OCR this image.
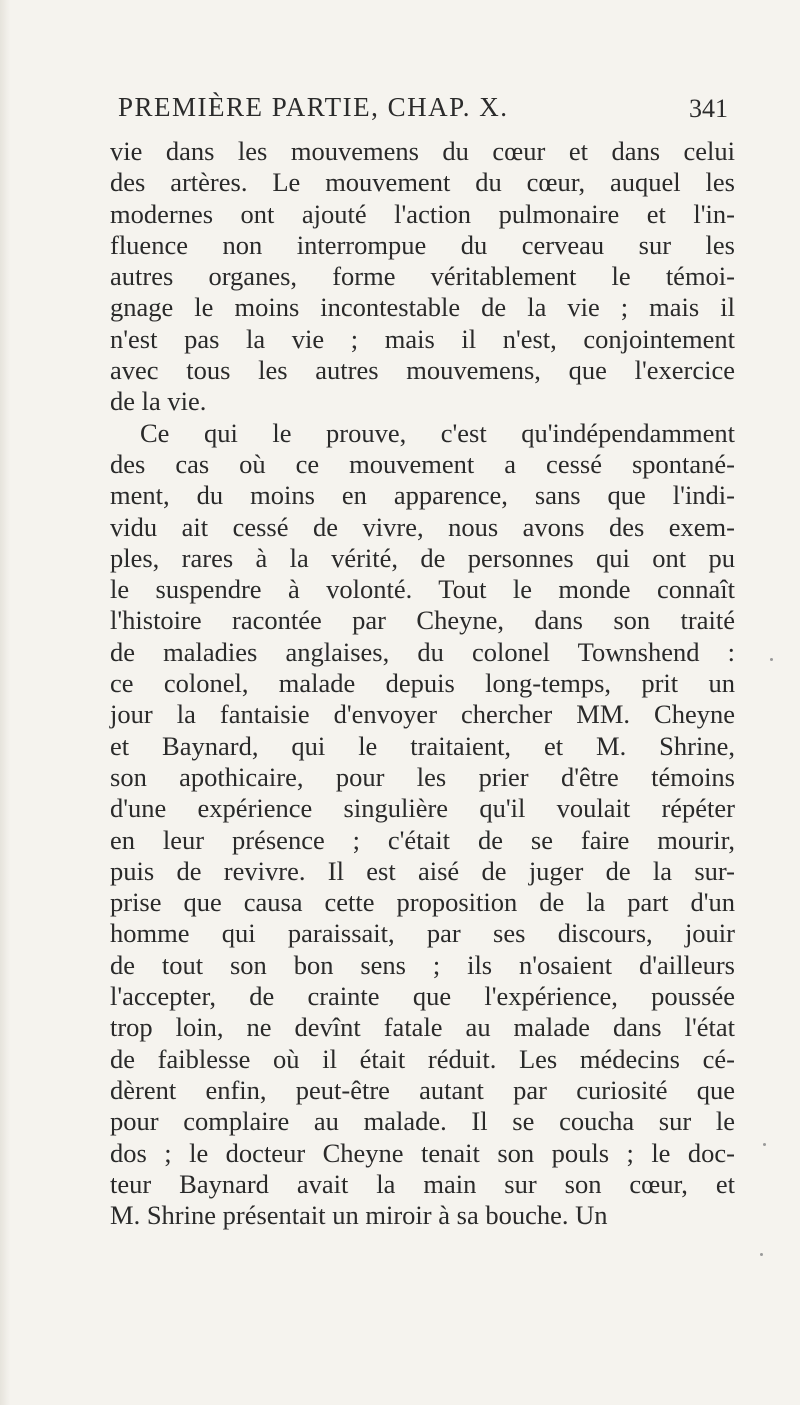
PREMIÈRE PARTIE, CHAP. X.	341
vie dans les mouvemens du cœur et dans celui
des artères. Le mouvement du cœur, auquel les
modernes ont ajouté l'action pulmonaire et l'in-
fluence non interrompue du cerveau sur les
autres organes, forme véritablement le témoi-
gnage le moins incontestable de la vie ; mais il
n'est pas la vie ; mais il n'est, conjointement
avec tous les autres mouvemens, que l'exercice
de la vie.
Ce qui le prouve, c'est qu'indépendamment
des cas où ce mouvement a cessé spontané-
ment, du moins en apparence, sans que l'indi-
vidu ait cessé de vivre, nous avons des exem-
ples, rares à la vérité, de personnes qui ont pu
le suspendre à volonté. Tout le monde connaît
l'histoire racontée par Cheyne, dans son traité
de maladies anglaises, du colonel Townshend :
ce colonel, malade depuis long-temps, prit un
jour la fantaisie d'envoyer chercher MM. Cheyne
et Baynard, qui le traitaient, et M. Shrine,
son apothicaire, pour les prier d'être témoins
d'une expérience singulière qu'il voulait répéter
en leur présence ; c'était de se faire mourir,
puis de revivre. Il est aisé de juger de la sur-
prise que causa cette proposition de la part d'un
homme qui paraissait, par ses discours, jouir
de tout son bon sens ; ils n'osaient d'ailleurs
l'accepter, de crainte que l'expérience, poussée
trop loin, ne devînt fatale au malade dans l'état
de faiblesse où il était réduit. Les médecins cé-
dèrent enfin, peut-être autant par curiosité que
pour complaire au malade. Il se coucha sur le
dos ; le docteur Cheyne tenait son pouls ; le doc-
teur Baynard avait la main sur son cœur, et
M. Shrine présentait un miroir à sa bouche. Un
